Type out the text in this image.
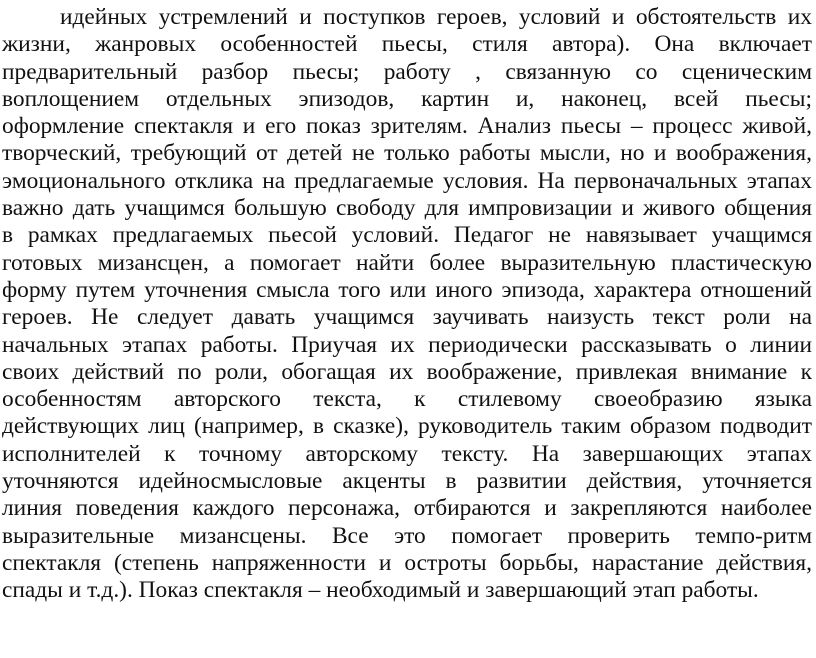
идейных устремлений и поступков героев, условий и обстоятельств их
жизни, жанровых особенностей пьесы, стиля автора). Она включает
предварительный разбор пьесы; работу , связанную со сценическим
воплощением отдельных эпизодов, картин и, наконец, всей пьесы;
оформление спектакля и его показ зрителям. Анализ пьесы – процесс живой,
творческий, требующий от детей не только работы мысли, но и воображения,
эмоционального отклика на предлагаемые условия. На первоначальных этапах
важно дать учащимся большую свободу для импровизации и живого общения
в рамках предлагаемых пьесой условий. Педагог не навязывает учащимся
готовых мизансцен, а помогает найти более выразительную пластическую
форму путем уточнения смысла того или иного эпизода, характера отношений
героев. Не следует давать учащимся заучивать наизусть текст роли на
начальных этапах работы. Приучая их периодически рассказывать о линии
своих действий по роли, обогащая их воображение, привлекая внимание к
особенностям авторского текста, к стилевому своеобразию языка
действующих лиц (например, в сказке), руководитель таким образом подводит
исполнителей к точному авторскому тексту. На завершающих этапах
уточняются идейносмысловые акценты в развитии действия, уточняется
линия поведения каждого персонажа, отбираются и закрепляются наиболее
выразительные мизансцены. Все это помогает проверить темпо-ритм
спектакля (степень напряженности и остроты борьбы, нарастание действия,
спады и т.д.). Показ спектакля – необходимый и завершающий этап работы.
